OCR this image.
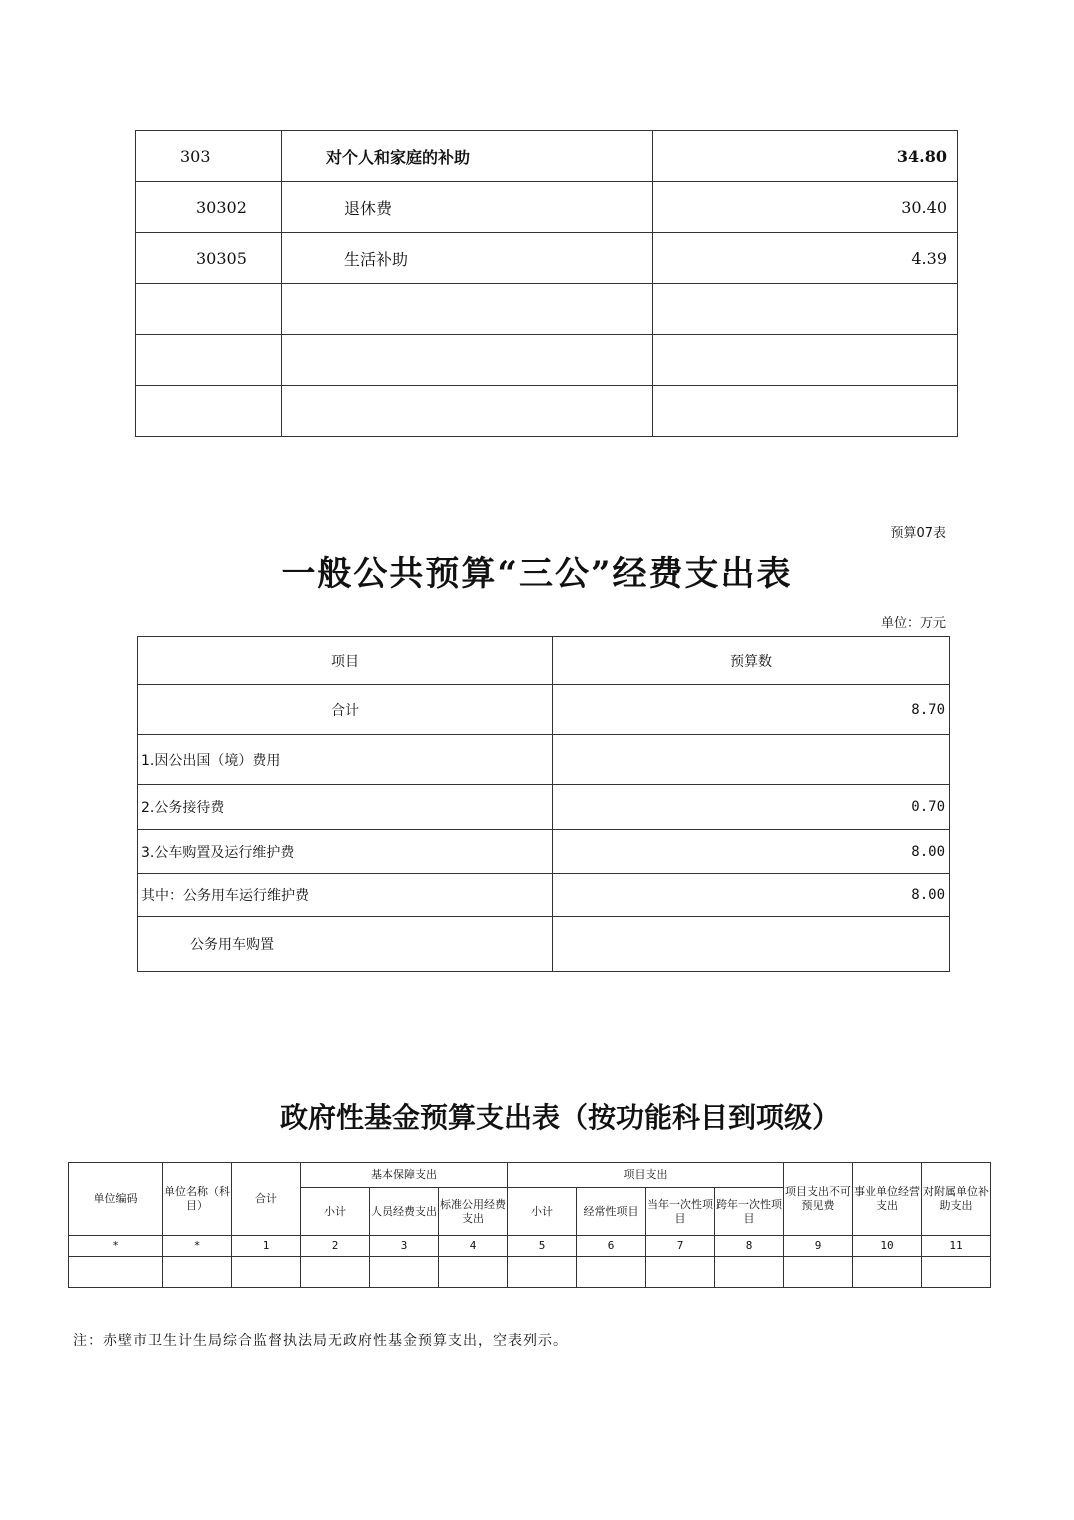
303	对个人和家庭的补助	34.80
30302	退休费	30.40
30305	生活补助	4.39

预算07表
一般公共预算“三公”经费支出表
单位：万元
项目	预算数
合计	8.70
1.因公出国（境）费用	
2.公务接待费	0.70
3.公车购置及运行维护费	8.00
其中：公务用车运行维护费	8.00
公务用车购置	
政府性基金预算支出表（按功能科目到项级）
单位编码	单位名称（科目）	合计	基本保障支出			项目支出				项目支出不可预见费	事业单位经营支出	对附属单位补助支出
			小计	人员经费支出	标准公用经费支出	小计	经常性项目	当年一次性项目	跨年一次性项目			
*	*	1	2	3	4	5	6	7	8	9	10	11

注：赤壁市卫生计生局综合监督执法局无政府性基金预算支出，空表列示。
